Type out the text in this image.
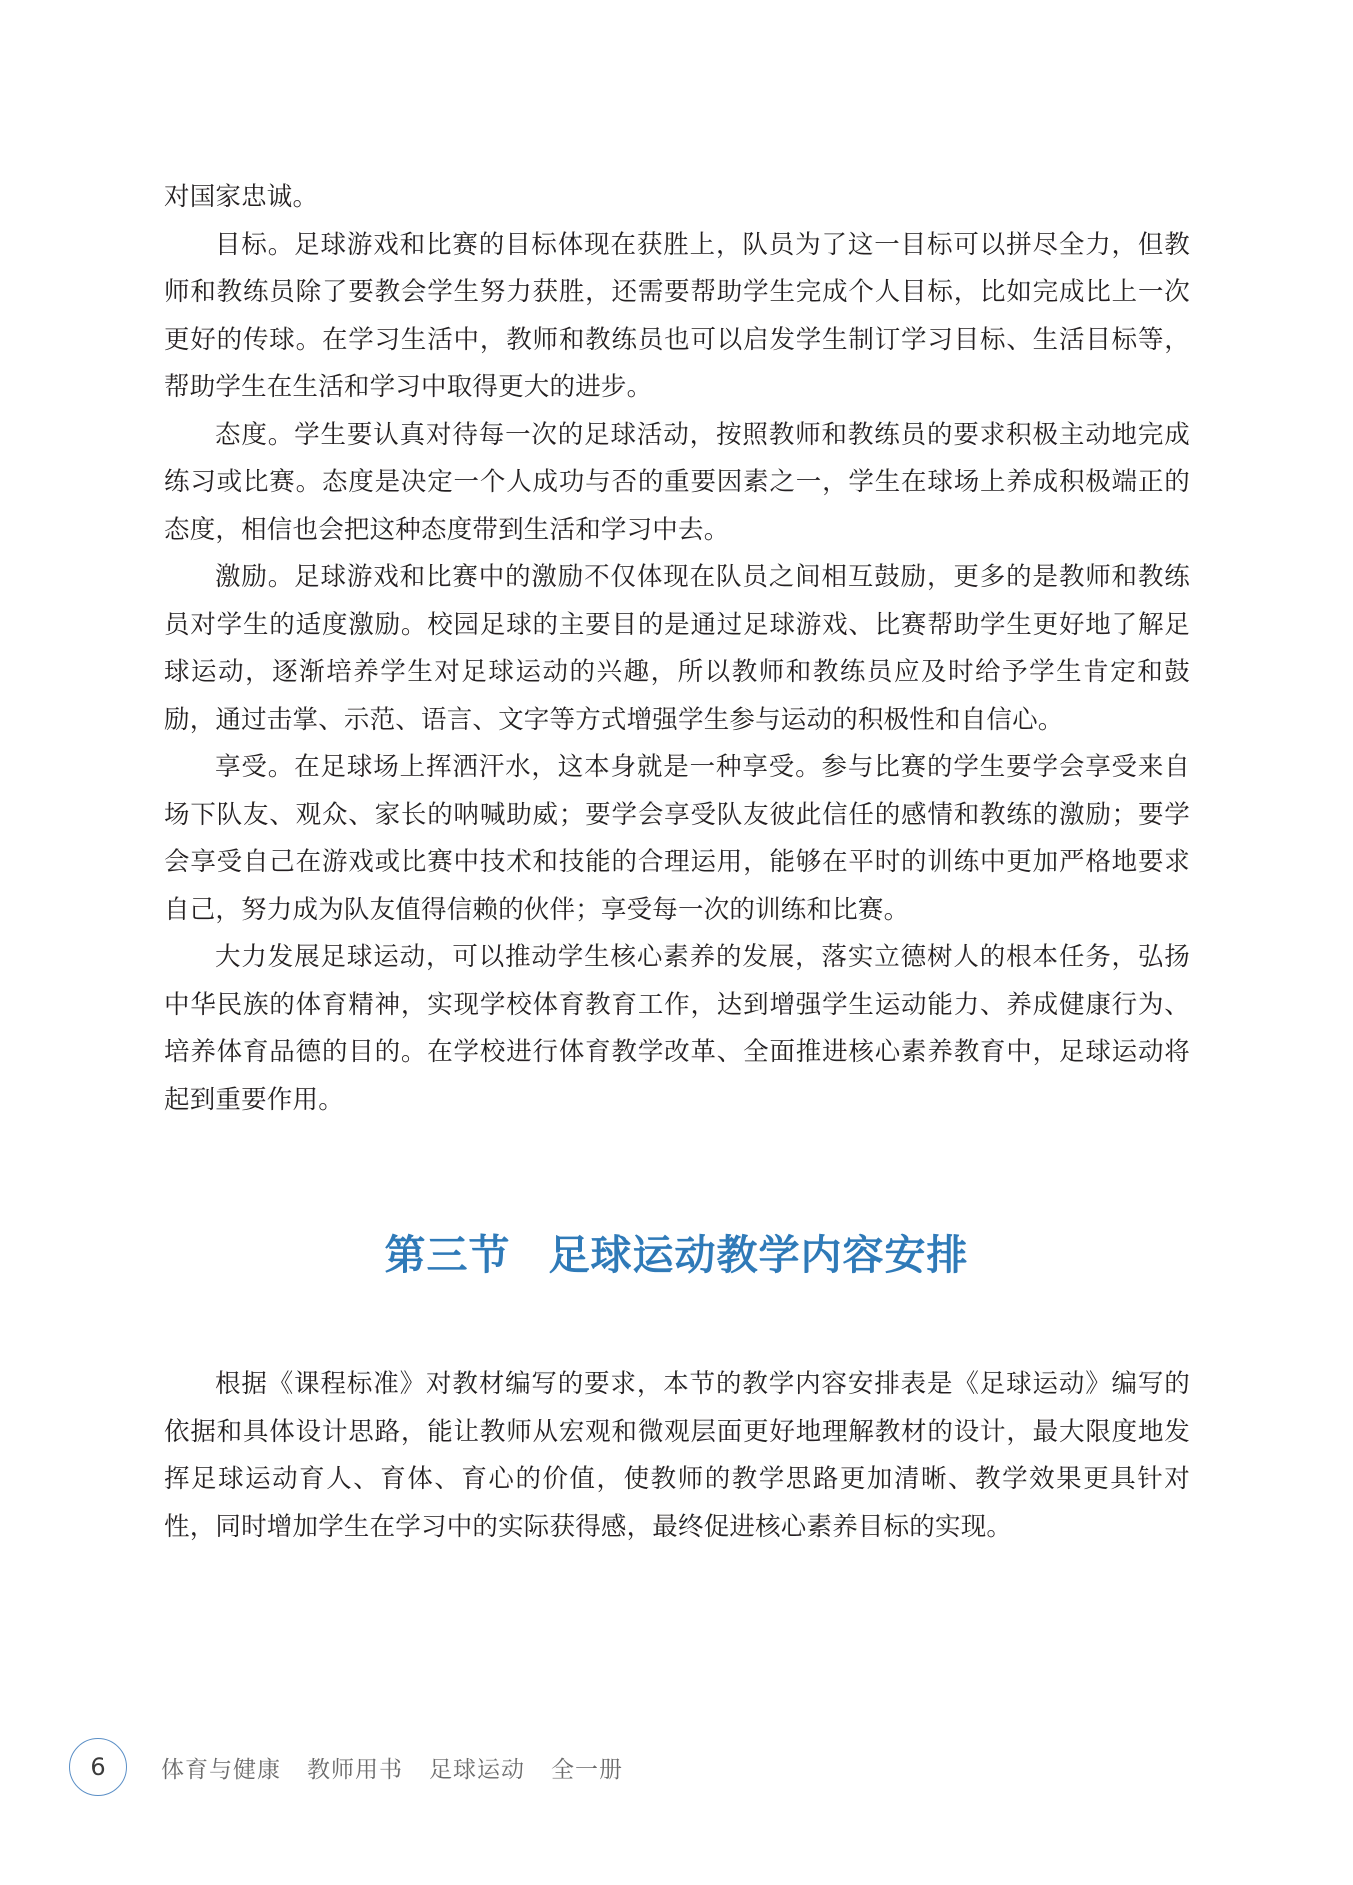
对国家忠诚。

目标。足球游戏和比赛的目标体现在获胜上，队员为了这一目标可以拼尽全力，但教师和教练员除了要教会学生努力获胜，还需要帮助学生完成个人目标，比如完成比上一次更好的传球。在学习生活中，教师和教练员也可以启发学生制订学习目标、生活目标等，帮助学生在生活和学习中取得更大的进步。

态度。学生要认真对待每一次的足球活动，按照教师和教练员的要求积极主动地完成练习或比赛。态度是决定一个人成功与否的重要因素之一，学生在球场上养成积极端正的态度，相信也会把这种态度带到生活和学习中去。

激励。足球游戏和比赛中的激励不仅体现在队员之间相互鼓励，更多的是教师和教练员对学生的适度激励。校园足球的主要目的是通过足球游戏、比赛帮助学生更好地了解足球运动，逐渐培养学生对足球运动的兴趣，所以教师和教练员应及时给予学生肯定和鼓励，通过击掌、示范、语言、文字等方式增强学生参与运动的积极性和自信心。

享受。在足球场上挥洒汗水，这本身就是一种享受。参与比赛的学生要学会享受来自场下队友、观众、家长的呐喊助威；要学会享受队友彼此信任的感情和教练的激励；要学会享受自己在游戏或比赛中技术和技能的合理运用，能够在平时的训练中更加严格地要求自己，努力成为队友值得信赖的伙伴；享受每一次的训练和比赛。

大力发展足球运动，可以推动学生核心素养的发展，落实立德树人的根本任务，弘扬中华民族的体育精神，实现学校体育教育工作，达到增强学生运动能力、养成健康行为、培养体育品德的目的。在学校进行体育教学改革、全面推进核心素养教育中，足球运动将起到重要作用。

第三节 足球运动教学内容安排

根据《课程标准》对教材编写的要求，本节的教学内容安排表是《足球运动》编写的依据和具体设计思路，能让教师从宏观和微观层面更好地理解教材的设计，最大限度地发挥足球运动育人、育体、育心的价值，使教师的教学思路更加清晰、教学效果更具针对性，同时增加学生在学习中的实际获得感，最终促进核心素养目标的实现。

6	体育与健康 教师用书 足球运动 全一册
